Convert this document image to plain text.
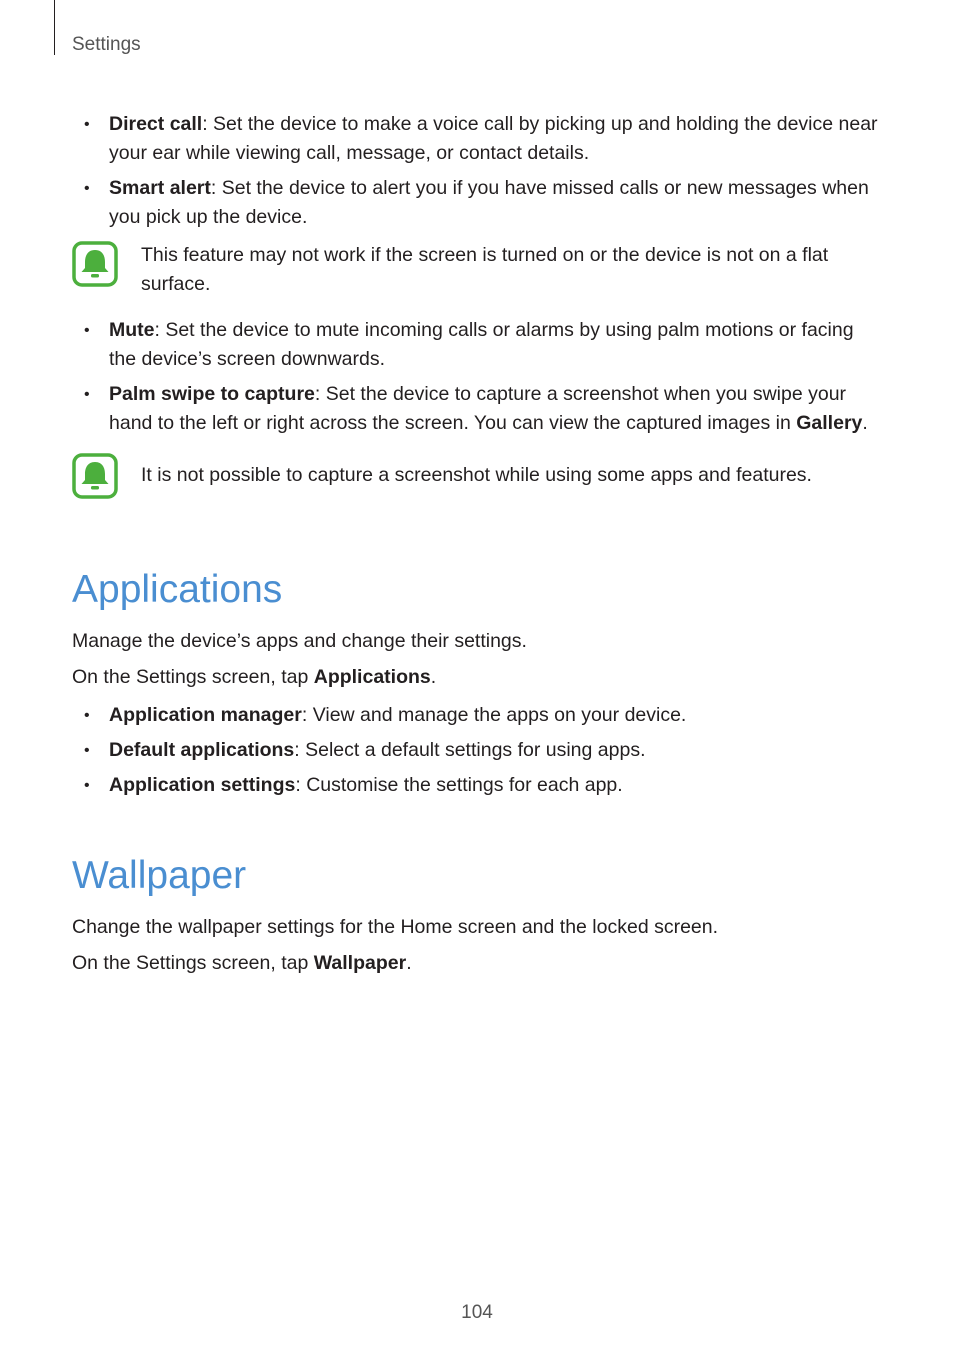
Settings
• Direct call: Set the device to make a voice call by picking up and holding the device near your ear while viewing call, message, or contact details.
• Smart alert: Set the device to alert you if you have missed calls or new messages when you pick up the device.
This feature may not work if the screen is turned on or the device is not on a flat surface.
• Mute: Set the device to mute incoming calls or alarms by using palm motions or facing the device’s screen downwards.
• Palm swipe to capture: Set the device to capture a screenshot when you swipe your hand to the left or right across the screen. You can view the captured images in Gallery.
It is not possible to capture a screenshot while using some apps and features.
Applications

Manage the device’s apps and change their settings.

On the Settings screen, tap Applications.

• Application manager: View and manage the apps on your device.
• Default applications: Select a default settings for using apps.
• Application settings: Customise the settings for each app.
Wallpaper

Change the wallpaper settings for the Home screen and the locked screen.

On the Settings screen, tap Wallpaper.

104
